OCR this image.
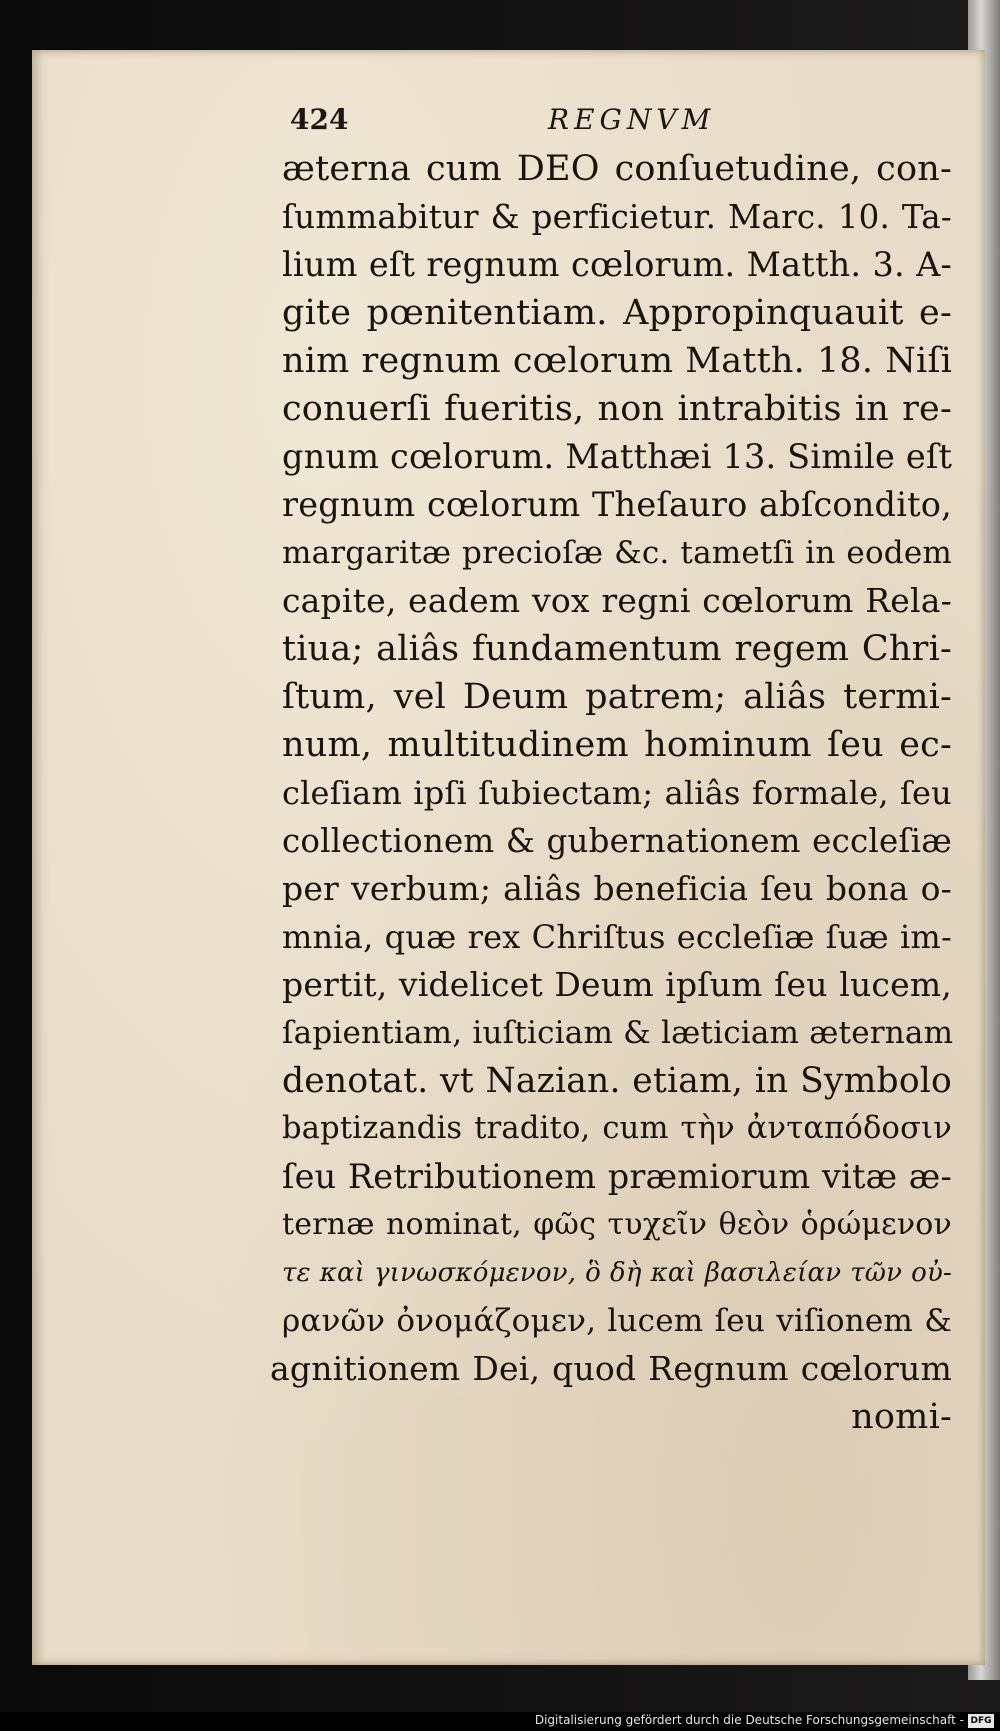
424	REGNVM
æterna cum DEO conſuetudine, con-
ſummabitur & perficietur. Marc. 10. Ta-
lium eſt regnum cœlorum. Matth. 3. A-
gite pœnitentiam. Appropinquauit e-
nim regnum cœlorum Matth. 18. Niſi
conuerſi fueritis, non intrabitis in re-
gnum cœlorum. Matthæi 13. Simile eſt
regnum cœlorum Theſauro abſcondito,
margaritæ precioſæ &c. tametſi in eodem
capite, eadem vox regni cœlorum Rela-
tiua; aliâs fundamentum regem Chri-
ſtum, vel Deum patrem; aliâs termi-
num, multitudinem hominum ſeu ec-
cleſiam ipſi ſubiectam; aliâs formale, ſeu
collectionem & gubernationem eccleſiæ
per verbum; aliâs beneficia ſeu bona o-
mnia, quæ rex Chriſtus eccleſiæ ſuæ im-
pertit, videlicet Deum ipſum ſeu lucem,
ſapientiam, iuſticiam & læticiam æternam
denotat. vt Nazian. etiam, in Symbolo
baptizandis tradito, cum τὴν ἀνταπόδοσιν
ſeu Retributionem præmiorum vitæ æ-
ternæ nominat, φῶς τυχεῖν θεὸν ὁρώμενον
τε καὶ γινωσκόμενον, ὃ δὴ καὶ βασιλείαν τῶν οὐ-
ρανῶν ὀνομάζομεν, lucem ſeu viſionem &
agnitionem Dei, quod Regnum cœlorum
nomi-
Digitalisierung gefördert durch die Deutsche Forschungsgemeinschaft - DFG
